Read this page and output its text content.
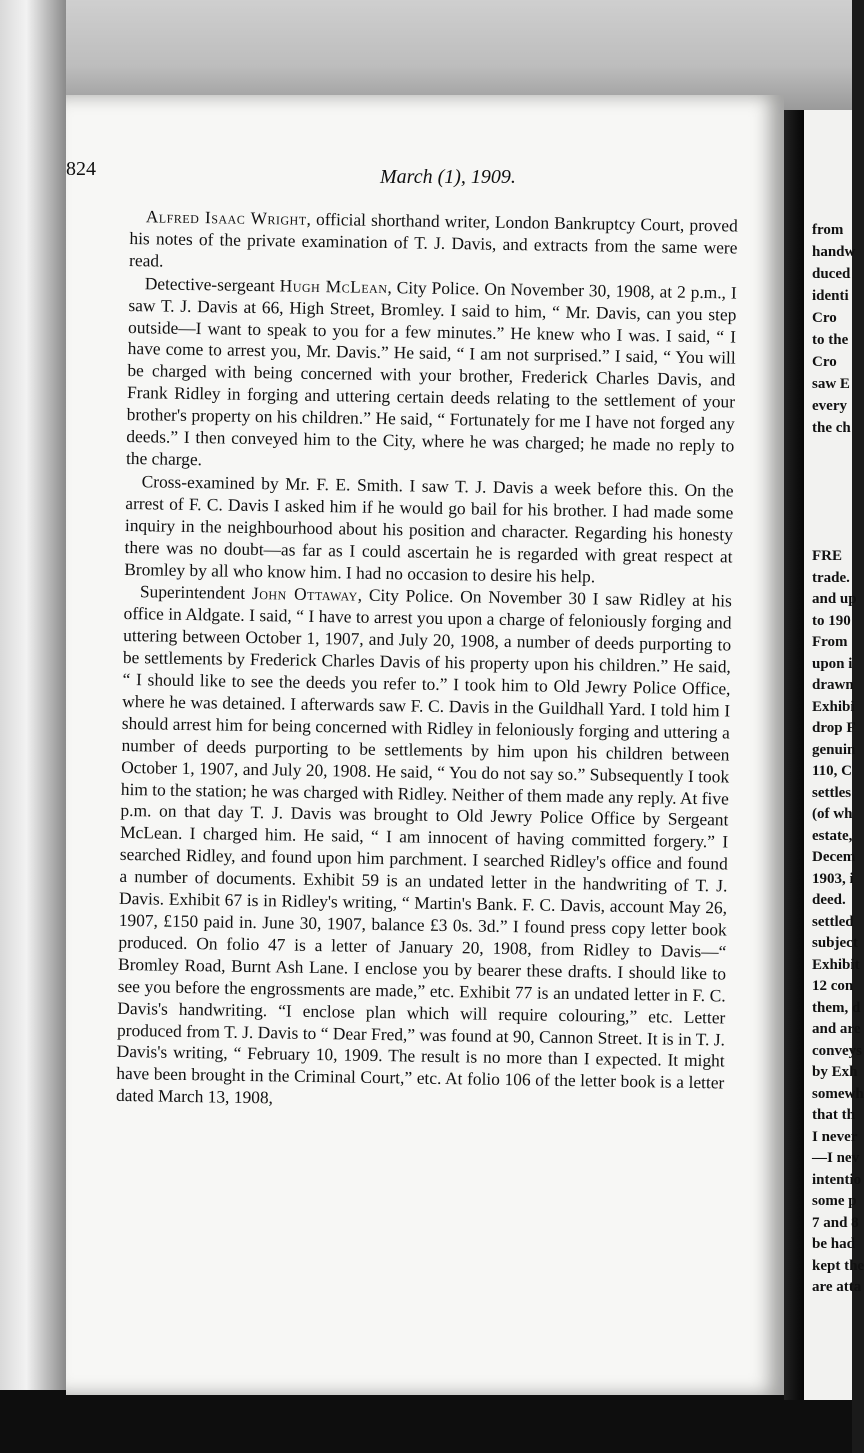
from
handw
duced
identi
Cro
to the
Cro
saw E
every
the ch
FRE
trade.
and up
to 190
From
upon i
drawn
Exhibi
drop F
genuin
110, C
settles
(of wh
estate,
Decem
1903, i
deed.
settled
subject
Exhibit
12 con
them, d
and are
conveys
by Exh
somewh
that th
I never
—I nev
intentio
some p
7 and 8
be had
kept the
are atta
824	March (1), 1909.

Alfred Isaac Wright, official shorthand writer, London Bankruptcy Court, proved his notes of the private examination of T. J. Davis, and extracts from the same were read.

Detective-sergeant Hugh McLean, City Police. On November 30, 1908, at 2 p.m., I saw T. J. Davis at 66, High Street, Bromley. I said to him, “ Mr. Davis, can you step outside—I want to speak to you for a few minutes.” He knew who I was. I said, “ I have come to arrest you, Mr. Davis.” He said, “ I am not surprised.” I said, “ You will be charged with being concerned with your brother, Frederick Charles Davis, and Frank Ridley in forging and uttering certain deeds relating to the settlement of your brother's property on his children.” He said, “ Fortunately for me I have not forged any deeds.” I then conveyed him to the City, where he was charged; he made no reply to the charge.

Cross-examined by Mr. F. E. Smith. I saw T. J. Davis a week before this. On the arrest of F. C. Davis I asked him if he would go bail for his brother. I had made some inquiry in the neighbourhood about his position and character. Regarding his honesty there was no doubt—as far as I could ascertain he is regarded with great respect at Bromley by all who know him. I had no occasion to desire his help.

Superintendent John Ottaway, City Police. On November 30 I saw Ridley at his office in Aldgate. I said, “ I have to arrest you upon a charge of feloniously forging and uttering between October 1, 1907, and July 20, 1908, a number of deeds purporting to be settlements by Frederick Charles Davis of his property upon his children.” He said, “ I should like to see the deeds you refer to.” I took him to Old Jewry Police Office, where he was detained. I afterwards saw F. C. Davis in the Guildhall Yard. I told him I should arrest him for being concerned with Ridley in feloniously forging and uttering a number of deeds purporting to be settlements by him upon his children between October 1, 1907, and July 20, 1908. He said, “ You do not say so.” Subsequently I took him to the station; he was charged with Ridley. Neither of them made any reply. At five p.m. on that day T. J. Davis was brought to Old Jewry Police Office by Sergeant McLean. I charged him. He said, “ I am innocent of having committed forgery.” I searched Ridley, and found upon him parchment. I searched Ridley's office and found a number of documents. Exhibit 59 is an undated letter in the handwriting of T. J. Davis. Exhibit 67 is in Ridley's writing, “ Martin's Bank. F. C. Davis, account May 26, 1907, £150 paid in. June 30, 1907, balance £3 0s. 3d.” I found press copy letter book produced. On folio 47 is a letter of January 20, 1908, from Ridley to Davis—“ Bromley Road, Burnt Ash Lane. I enclose you by bearer these drafts. I should like to see you before the engrossments are made,” etc. Exhibit 77 is an undated letter in F. C. Davis's handwriting. “I enclose plan which will require colouring,” etc. Letter produced from T. J. Davis to “ Dear Fred,” was found at 90, Cannon Street. It is in T. J. Davis's writing, “ February 10, 1909. The result is no more than I expected. It might have been brought in the Criminal Court,” etc. At folio 106 of the letter book is a letter dated March 13, 1908,
